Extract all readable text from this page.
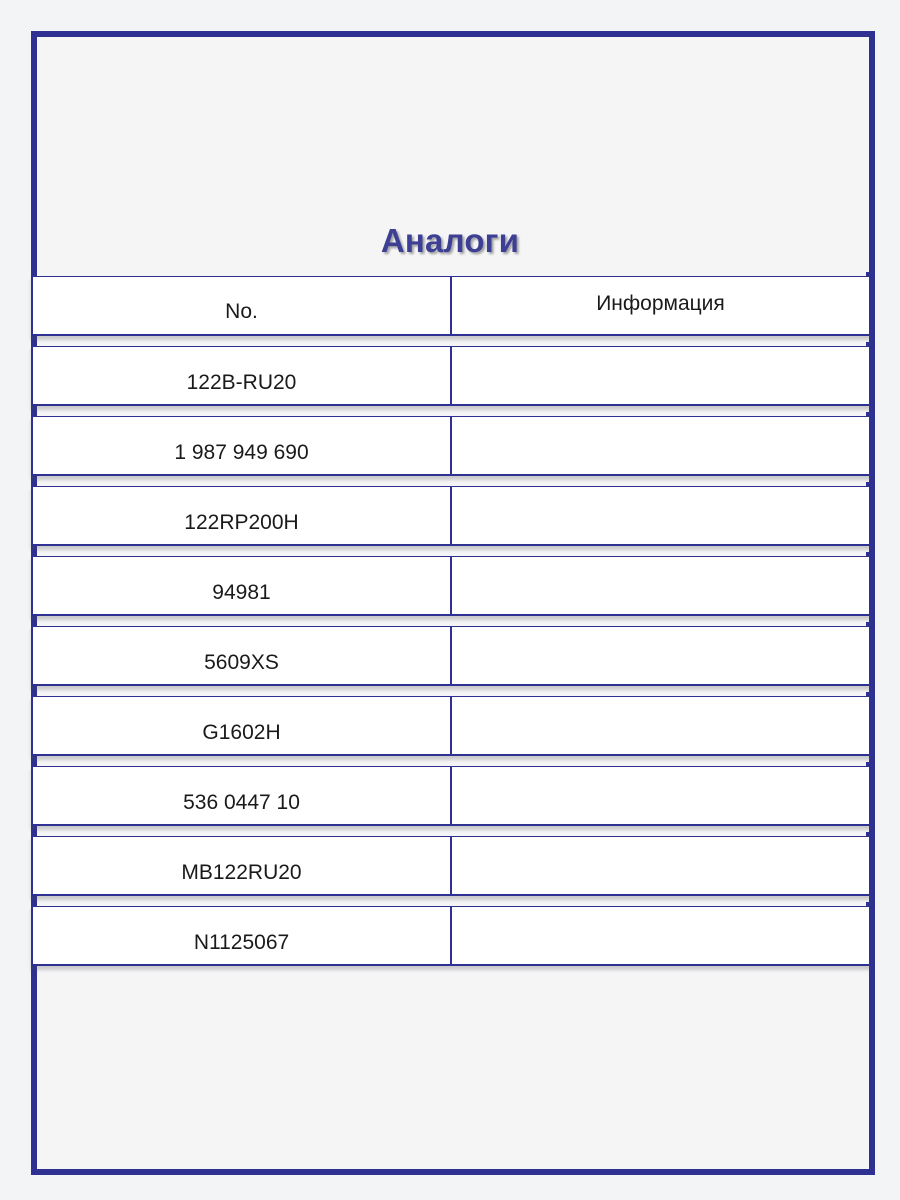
Аналоги
No.	Информация
122B-RU20
1 987 949 690
122RP200H
94981
5609XS
G1602H
536 0447 10
MB122RU20
N1125067
